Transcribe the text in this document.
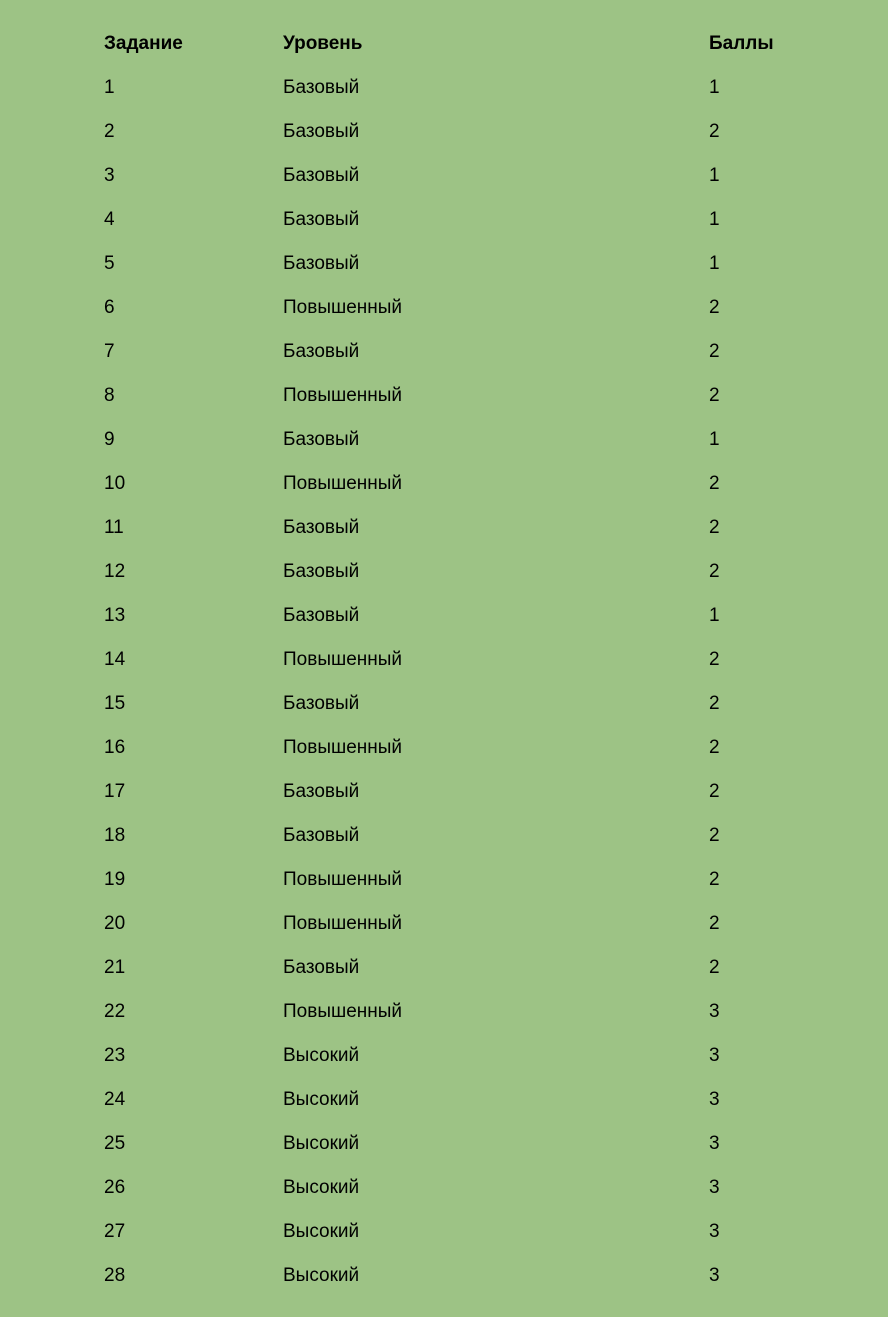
Задание	Уровень	Баллы
1	Базовый	1
2	Базовый	2
3	Базовый	1
4	Базовый	1
5	Базовый	1
6	Повышенный	2
7	Базовый	2
8	Повышенный	2
9	Базовый	1
10	Повышенный	2
11	Базовый	2
12	Базовый	2
13	Базовый	1
14	Повышенный	2
15	Базовый	2
16	Повышенный	2
17	Базовый	2
18	Базовый	2
19	Повышенный	2
20	Повышенный	2
21	Базовый	2
22	Повышенный	3
23	Высокий	3
24	Высокий	3
25	Высокий	3
26	Высокий	3
27	Высокий	3
28	Высокий	3
